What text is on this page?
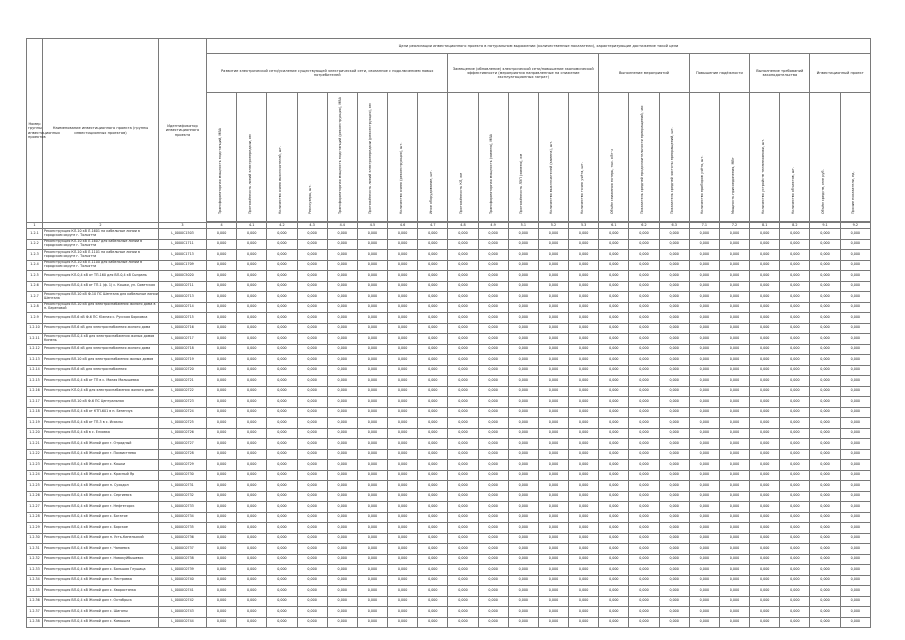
Номер группы инвестиционных проектов	Наименование инвестиционного проекта (группы инвестиционных проектов)	Идентификатор инвестиционного проекта	Цели реализации инвестиционного проекта в натуральном выражении (количественные показатели), характеризующие достижение такой цели																						
			Развитие электрической сети/усиление существующей электрической сети, связанное с подключением новых потребителей								Замещение (обновление) электрической сети/повышение экономической эффективности (мероприятия направленные на снижение эксплуатационных затрат)					Выполнение мероприятий			Повышение надёжности		Выполнение требований законодательства		Инвестиционный проект		

			Трансформаторная мощность подстанций, МВА	Протяжённость линий электропередачи, км	Количество ячеек выключателей, шт.	Реклоузеры, шт.	Трансформаторная мощность подстанций (реконструкция), МВА	Протяжённость линий электропередачи (реконструкция), км	Количество ячеек (реконструкция), шт.	Иное оборудование, шт.	Протяжённость КЛ, км	Трансформаторная мощность (замена), МВА	Протяжённость ЛЭП (замена), км	Количество выключателей (замена), шт.	Количество точек учёта, шт.	Объём снижения потерь, тыс. кВт·ч	Показатель средней продолжительности прекращений, час	Показатель средней частоты прекращений, шт.	Количество приборов учёта, шт.	Мощность присоединения, МВт	Количество устройств телемеханики, шт.	Количество объектов, шт.	Объём средств, млн руб.	Прочие показатели, ед.	

1	2	3	4	4.1	4.2	4.3	4.4	4.5	4.6	4.7	4.8	4.9	5.1	5.2	5.3	6.1	6.2	6.3	7.1	7.2	8.1	8.2	9.1	9.2	
1.2.1	Реконструкция КЛ-10 кВ Л-1601 на кабельные линии в городском округе г. Тольятти	L_0000C1503	0,000	0,000	0,000	0,000	0,000	0,000	0,000	0,000	0,000	0,000	0,000	0,000	0,000	0,000	0,000	0,000	0,000	0,000	0,000	0,000	0,000	0,000	
1.2.2	Реконструкция КЛ-10 кВ Л-1607 для кабельные линии в городском округе г. Тольятти	L_0000C1711	0,000	0,000	0,000	0,000	0,000	0,000	0,000	0,000	0,000	0,000	0,000	0,000	0,000	0,000	0,000	0,000	0,000	0,000	0,000	0,000	0,000	0,000	
1.2.3	Реконструкция КЛ-10 кВ Л-1101 на кабельные линии в городском округе г. Тольятти	L_0000C1713	0,000	0,000	0,000	0,000	0,000	0,000	0,000	0,000	0,000	0,000	0,000	0,000	0,000	0,000	0,000	0,000	0,000	0,000	0,000	0,000	0,000	0,000	
1.2.4	Реконструкция КЛ-10 кВ Л-1100 для кабельные линии в городском округе г. Тольятти	L_0000C1709	0,000	0,000	0,000	0,000	0,000	0,000	0,000	0,000	0,000	0,000	0,000	0,000	0,000	0,000	0,000	0,000	0,000	0,000	0,000	0,000	0,000	0,000	
1.2.5	Реконструкция КЛ-0,4 кВ от ТП-160 для ВЛ-0,4 кВ Сызрань	L_0000C5020	0,000	0,000	0,000	0,000	0,000	0,000	0,000	0,000	0,000	0,000	0,000	0,000	0,000	0,000	0,000	0,000	0,000	0,000	0,000	0,000	0,000	0,000	
1.2.6	Реконструкция ВЛ-0,4 кВ от ТП-1 (ф. 1) с. Кошки, ул. Советская	L_0000C0711	0,000	0,000	0,000	0,000	0,000	0,000	0,000	0,000	0,000	0,000	0,000	0,000	0,000	0,000	0,000	0,000	0,000	0,000	0,000	0,000	0,000	0,000	
1.2.7	Реконструкция ВЛ-10 кВ Ф-10 ПС Шентала для кабельные линии Шентала	L_0000C0713	0,000	0,000	0,000	0,000	0,000	0,000	0,000	0,000	0,000	0,000	0,000	0,000	0,000	0,000	0,000	0,000	0,000	0,000	0,000	0,000	0,000	0,000	
1.2.8	Реконструкция ВЛ-10 кВ для электроснабжения жилого дома в п. Береговой	L_0000C0714	0,000	0,000	0,000	0,000	0,000	0,000	0,000	0,000	0,000	0,000	0,000	0,000	0,000	0,000	0,000	0,000	0,000	0,000	0,000	0,000	0,000	0,000	
1.2.9	Реконструкция ВЛ-6 кВ Ф-6 ПС Южная с. Русская Борковка	L_0000C0715	0,000	0,000	0,000	0,000	0,000	0,000	0,000	0,000	0,000	0,000	0,000	0,000	0,000	0,000	0,000	0,000	0,000	0,000	0,000	0,000	0,000	0,000	
1.2.10	Реконструкция ВЛ-6 кВ для электроснабжения жилого дома	L_0000C0716	0,000	0,000	0,000	0,000	0,000	0,000	0,000	0,000	0,000	0,000	0,000	0,000	0,000	0,000	0,000	0,000	0,000	0,000	0,000	0,000	0,000	0,000	
1.2.11	Реконструкция ВЛ-0,4 кВ для электроснабжения жилых домов Кинель	L_0000C0717	0,000	0,000	0,000	0,000	0,000	0,000	0,000	0,000	0,000	0,000	0,000	0,000	0,000	0,000	0,000	0,000	0,000	0,000	0,000	0,000	0,000	0,000	
1.2.12	Реконструкция ВЛ-6 кВ для электроснабжения жилого дома	L_0000C0718	0,000	0,000	0,000	0,000	0,000	0,000	0,000	0,000	0,000	0,000	0,000	0,000	0,000	0,000	0,000	0,000	0,000	0,000	0,000	0,000	0,000	0,000	
1.2.13	Реконструкция ВЛ-10 кВ для электроснабжения жилых домов	L_0000C0719	0,000	0,000	0,000	0,000	0,000	0,000	0,000	0,000	0,000	0,000	0,000	0,000	0,000	0,000	0,000	0,000	0,000	0,000	0,000	0,000	0,000	0,000	
1.2.14	Реконструкция ВЛ-6 кВ для электроснабжения	L_0000C0720	0,000	0,000	0,000	0,000	0,000	0,000	0,000	0,000	0,000	0,000	0,000	0,000	0,000	0,000	0,000	0,000	0,000	0,000	0,000	0,000	0,000	0,000	
1.2.15	Реконструкция ВЛ-0,4 кВ от ТП в с. Малая Малышевка	L_0000C0721	0,000	0,000	0,000	0,000	0,000	0,000	0,000	0,000	0,000	0,000	0,000	0,000	0,000	0,000	0,000	0,000	0,000	0,000	0,000	0,000	0,000	0,000	
1.2.16	Реконструкция КЛ-0,4 кВ для электроснабжения жилого дома	L_0000C0722	0,000	0,000	0,000	0,000	0,000	0,000	0,000	0,000	0,000	0,000	0,000	0,000	0,000	0,000	0,000	0,000	0,000	0,000	0,000	0,000	0,000	0,000	
1.2.17	Реконструкция ВЛ-10 кВ Ф-6 ПС Центральная	L_0000C0723	0,000	0,000	0,000	0,000	0,000	0,000	0,000	0,000	0,000	0,000	0,000	0,000	0,000	0,000	0,000	0,000	0,000	0,000	0,000	0,000	0,000	0,000	
1.2.18	Реконструкция ВЛ-0,4 кВ от КТП-601 в п. Безенчук	L_0000C0724	0,000	0,000	0,000	0,000	0,000	0,000	0,000	0,000	0,000	0,000	0,000	0,000	0,000	0,000	0,000	0,000	0,000	0,000	0,000	0,000	0,000	0,000	
1.2.19	Реконструкция ВЛ-0,4 кВ от ТП-3 в с. Исаклы	L_0000C0725	0,000	0,000	0,000	0,000	0,000	0,000	0,000	0,000	0,000	0,000	0,000	0,000	0,000	0,000	0,000	0,000	0,000	0,000	0,000	0,000	0,000	0,000	
1.2.20	Реконструкция ВЛ-0,4 кВ в с. Елховка	L_0000C0726	0,000	0,000	0,000	0,000	0,000	0,000	0,000	0,000	0,000	0,000	0,000	0,000	0,000	0,000	0,000	0,000	0,000	0,000	0,000	0,000	0,000	0,000	
1.2.21	Реконструкция ВЛ-0,4 кВ Жилой дом г. Отрадный	L_0000C0727	0,000	0,000	0,000	0,000	0,000	0,000	0,000	0,000	0,000	0,000	0,000	0,000	0,000	0,000	0,000	0,000	0,000	0,000	0,000	0,000	0,000	0,000	
1.2.22	Реконструкция ВЛ-0,4 кВ Жилой дом г. Похвистнево	L_0000C0728	0,000	0,000	0,000	0,000	0,000	0,000	0,000	0,000	0,000	0,000	0,000	0,000	0,000	0,000	0,000	0,000	0,000	0,000	0,000	0,000	0,000	0,000	
1.2.23	Реконструкция ВЛ-0,4 кВ Жилой дом с. Кошки	L_0000C0729	0,000	0,000	0,000	0,000	0,000	0,000	0,000	0,000	0,000	0,000	0,000	0,000	0,000	0,000	0,000	0,000	0,000	0,000	0,000	0,000	0,000	0,000	
1.2.24	Реконструкция ВЛ-0,4 кВ Жилой дом с. Красный Яр	L_0000C0730	0,000	0,000	0,000	0,000	0,000	0,000	0,000	0,000	0,000	0,000	0,000	0,000	0,000	0,000	0,000	0,000	0,000	0,000	0,000	0,000	0,000	0,000	
1.2.25	Реконструкция ВЛ-0,4 кВ Жилой дом п. Суходол	L_0000C0731	0,000	0,000	0,000	0,000	0,000	0,000	0,000	0,000	0,000	0,000	0,000	0,000	0,000	0,000	0,000	0,000	0,000	0,000	0,000	0,000	0,000	0,000	
1.2.26	Реконструкция ВЛ-0,4 кВ Жилой дом с. Сергиевск	L_0000C0732	0,000	0,000	0,000	0,000	0,000	0,000	0,000	0,000	0,000	0,000	0,000	0,000	0,000	0,000	0,000	0,000	0,000	0,000	0,000	0,000	0,000	0,000	
1.2.27	Реконструкция ВЛ-0,4 кВ Жилой дом г. Нефтегорск	L_0000C0733	0,000	0,000	0,000	0,000	0,000	0,000	0,000	0,000	0,000	0,000	0,000	0,000	0,000	0,000	0,000	0,000	0,000	0,000	0,000	0,000	0,000	0,000	
1.2.28	Реконструкция ВЛ-0,4 кВ Жилой дом с. Богатое	L_0000C0734	0,000	0,000	0,000	0,000	0,000	0,000	0,000	0,000	0,000	0,000	0,000	0,000	0,000	0,000	0,000	0,000	0,000	0,000	0,000	0,000	0,000	0,000	
1.2.29	Реконструкция ВЛ-0,4 кВ Жилой дом с. Борское	L_0000C0735	0,000	0,000	0,000	0,000	0,000	0,000	0,000	0,000	0,000	0,000	0,000	0,000	0,000	0,000	0,000	0,000	0,000	0,000	0,000	0,000	0,000	0,000	
1.2.30	Реконструкция ВЛ-0,4 кВ Жилой дом п. Усть-Кинельский	L_0000C0736	0,000	0,000	0,000	0,000	0,000	0,000	0,000	0,000	0,000	0,000	0,000	0,000	0,000	0,000	0,000	0,000	0,000	0,000	0,000	0,000	0,000	0,000	
1.2.31	Реконструкция ВЛ-0,4 кВ Жилой дом г. Чапаевск	L_0000C0737	0,000	0,000	0,000	0,000	0,000	0,000	0,000	0,000	0,000	0,000	0,000	0,000	0,000	0,000	0,000	0,000	0,000	0,000	0,000	0,000	0,000	0,000	
1.2.32	Реконструкция ВЛ-0,4 кВ Жилой дом г. Новокуйбышевск	L_0000C0738	0,000	0,000	0,000	0,000	0,000	0,000	0,000	0,000	0,000	0,000	0,000	0,000	0,000	0,000	0,000	0,000	0,000	0,000	0,000	0,000	0,000	0,000	
1.2.33	Реконструкция ВЛ-0,4 кВ Жилой дом с. Большая Глушица	L_0000C0739	0,000	0,000	0,000	0,000	0,000	0,000	0,000	0,000	0,000	0,000	0,000	0,000	0,000	0,000	0,000	0,000	0,000	0,000	0,000	0,000	0,000	0,000	
1.2.34	Реконструкция ВЛ-0,4 кВ Жилой дом с. Пестравка	L_0000C0740	0,000	0,000	0,000	0,000	0,000	0,000	0,000	0,000	0,000	0,000	0,000	0,000	0,000	0,000	0,000	0,000	0,000	0,000	0,000	0,000	0,000	0,000	
1.2.35	Реконструкция ВЛ-0,4 кВ Жилой дом с. Хворостянка	L_0000C0741	0,000	0,000	0,000	0,000	0,000	0,000	0,000	0,000	0,000	0,000	0,000	0,000	0,000	0,000	0,000	0,000	0,000	0,000	0,000	0,000	0,000	0,000	
1.2.36	Реконструкция ВЛ-0,4 кВ Жилой дом г. Октябрьск	L_0000C0742	0,000	0,000	0,000	0,000	0,000	0,000	0,000	0,000	0,000	0,000	0,000	0,000	0,000	0,000	0,000	0,000	0,000	0,000	0,000	0,000	0,000	0,000	
1.2.37	Реконструкция ВЛ-0,4 кВ Жилой дом с. Шигоны	L_0000C0743	0,000	0,000	0,000	0,000	0,000	0,000	0,000	0,000	0,000	0,000	0,000	0,000	0,000	0,000	0,000	0,000	0,000	0,000	0,000	0,000	0,000	0,000	
1.2.38	Реконструкция ВЛ-0,4 кВ Жилой дом с. Камышла	L_0000C0744	0,000	0,000	0,000	0,000	0,000	0,000	0,000	0,000	0,000	0,000	0,000	0,000	0,000	0,000	0,000	0,000	0,000	0,000	0,000	0,000	0,000	0,000	
